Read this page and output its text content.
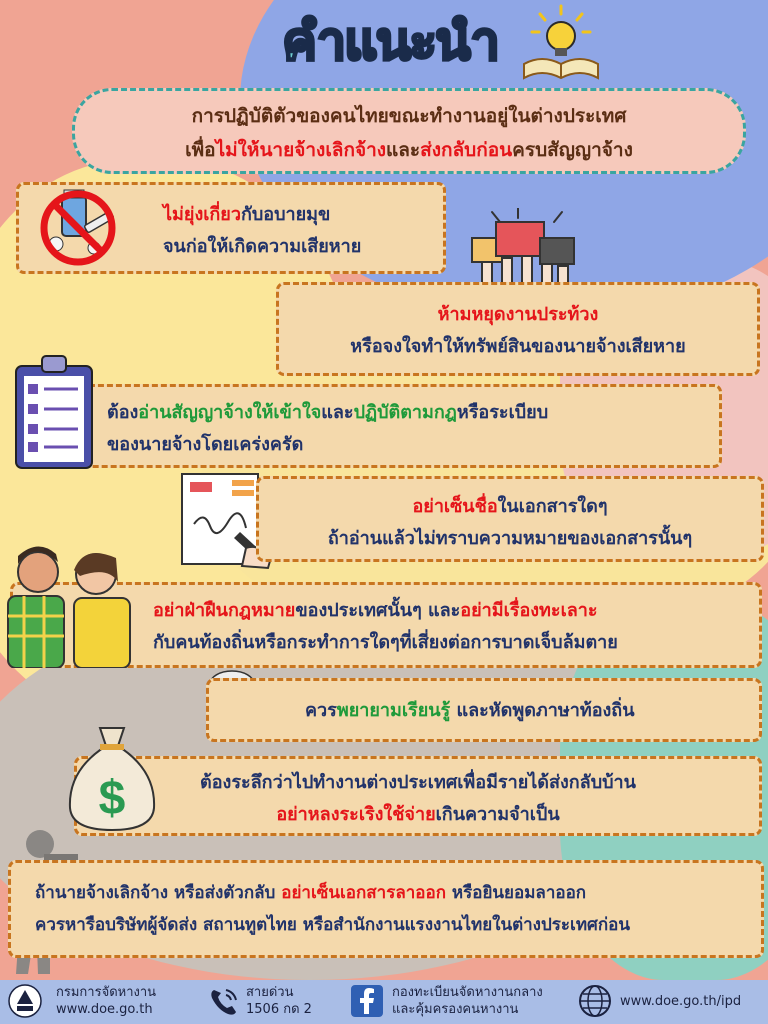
คำแนะนำ
การปฏิบัติตัวของคนไทยขณะทำงานอยู่ในต่างประเทศ
เพื่อไม่ให้นายจ้างเลิกจ้างและส่งกลับก่อนครบสัญญาจ้าง
ไม่ยุ่งเกี่ยวกับอบายมุข
จนก่อให้เกิดความเสียหาย
ห้ามหยุดงานประท้วง
หรือจงใจทำให้ทรัพย์สินของนายจ้างเสียหาย
ต้องอ่านสัญญาจ้างให้เข้าใจและปฏิบัติตามกฎหรือระเบียบ
ของนายจ้างโดยเคร่งครัด
อย่าเซ็นชื่อในเอกสารใดๆ
ถ้าอ่านแล้วไม่ทราบความหมายของเอกสารนั้นๆ
อย่าฝ่าฝืนกฎหมายของประเทศนั้นๆ และอย่ามีเรื่องทะเลาะ
กับคนท้องถิ่นหรือกระทำการใดๆที่เสี่ยงต่อการบาดเจ็บล้มตาย
ควรพยายามเรียนรู้ และหัดพูดภาษาท้องถิ่น
ต้องระลึกว่าไปทำงานต่างประเทศเพื่อมีรายได้ส่งกลับบ้าน
อย่าหลงระเริงใช้จ่ายเกินความจำเป็น
$
ถ้านายจ้างเลิกจ้าง หรือส่งตัวกลับ อย่าเซ็นเอกสารลาออก หรือยินยอมลาออก
ควรหารือบริษัทผู้จัดส่ง สถานทูตไทย หรือสำนักงานแรงงานไทยในต่างประเทศก่อน
กรมการจัดหางาน
www.doe.go.th
สายด่วน
1506 กด 2
กองทะเบียนจัดหางานกลาง
และคุ้มครองคนหางาน
www.doe.go.th/ipd
